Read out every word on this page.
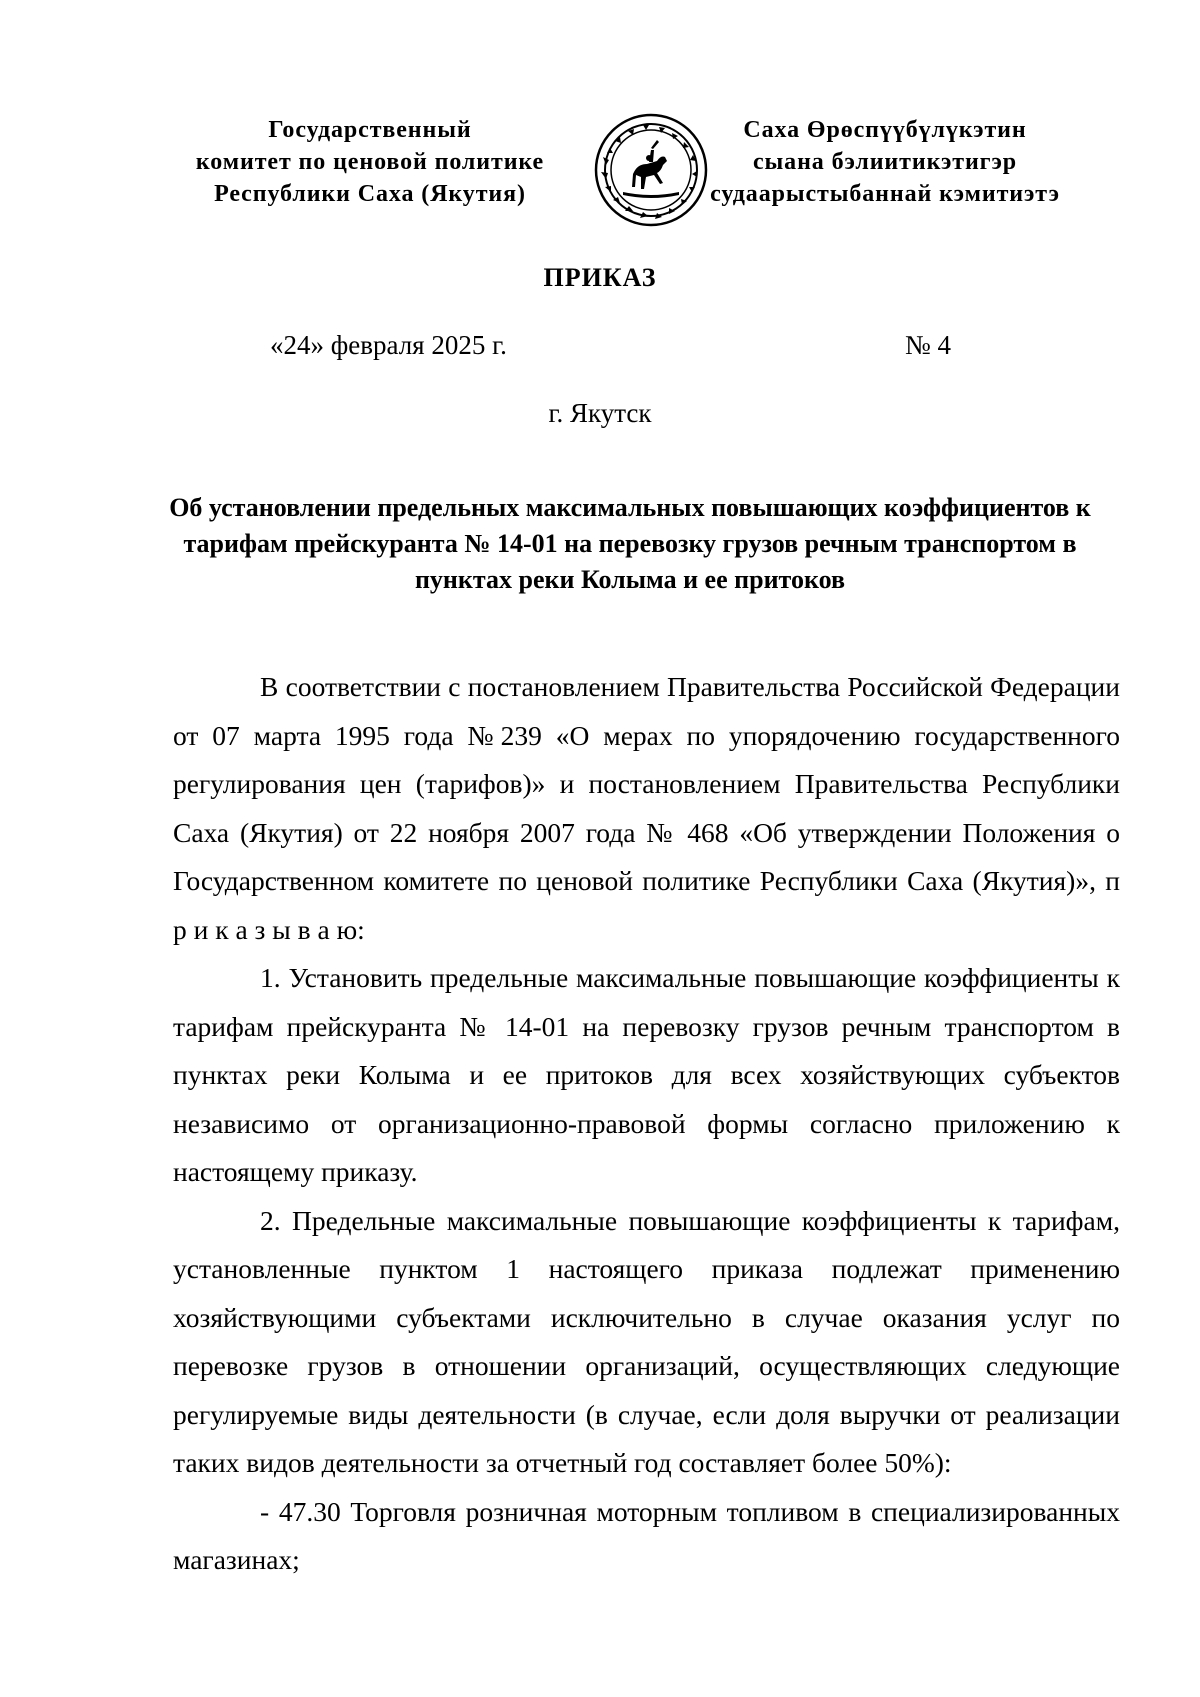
Государственный
комитет по ценовой политике
Республики Саха (Якутия)
Саха Өрөспүүбүлүкэтин
сыана бэлиитикэтигэр
судаарыстыбаннай кэмитиэтэ
ПРИКАЗ
«24» февраля 2025 г.	№ 4
г. Якутск
Об установлении предельных максимальных повышающих коэффициентов к тарифам прейскуранта № 14-01 на перевозку грузов речным транспортом в пунктах реки Колыма и ее притоков

В соответствии с постановлением Правительства Российской Федерации от 07 марта 1995 года №239 «О мерах по упорядочению государственного регулирования цен (тарифов)» и постановлением Правительства Республики Саха (Якутия) от 22 ноября 2007 года № 468 «Об утверждении Положения о Государственном комитете по ценовой политике Республики Саха (Якутия)», п р и к а з ы в а ю:

1. Установить предельные максимальные повышающие коэффициенты к тарифам прейскуранта № 14-01 на перевозку грузов речным транспортом в пунктах реки Колыма и ее притоков для всех хозяйствующих субъектов независимо от организационно-правовой формы согласно приложению к настоящему приказу.

2. Предельные максимальные повышающие коэффициенты к тарифам, установленные пунктом 1 настоящего приказа подлежат применению хозяйствующими субъектами исключительно в случае оказания услуг по перевозке грузов в отношении организаций, осуществляющих следующие регулируемые виды деятельности (в случае, если доля выручки от реализации таких видов деятельности за отчетный год составляет более 50%):

- 47.30 Торговля розничная моторным топливом в специализированных магазинах;
